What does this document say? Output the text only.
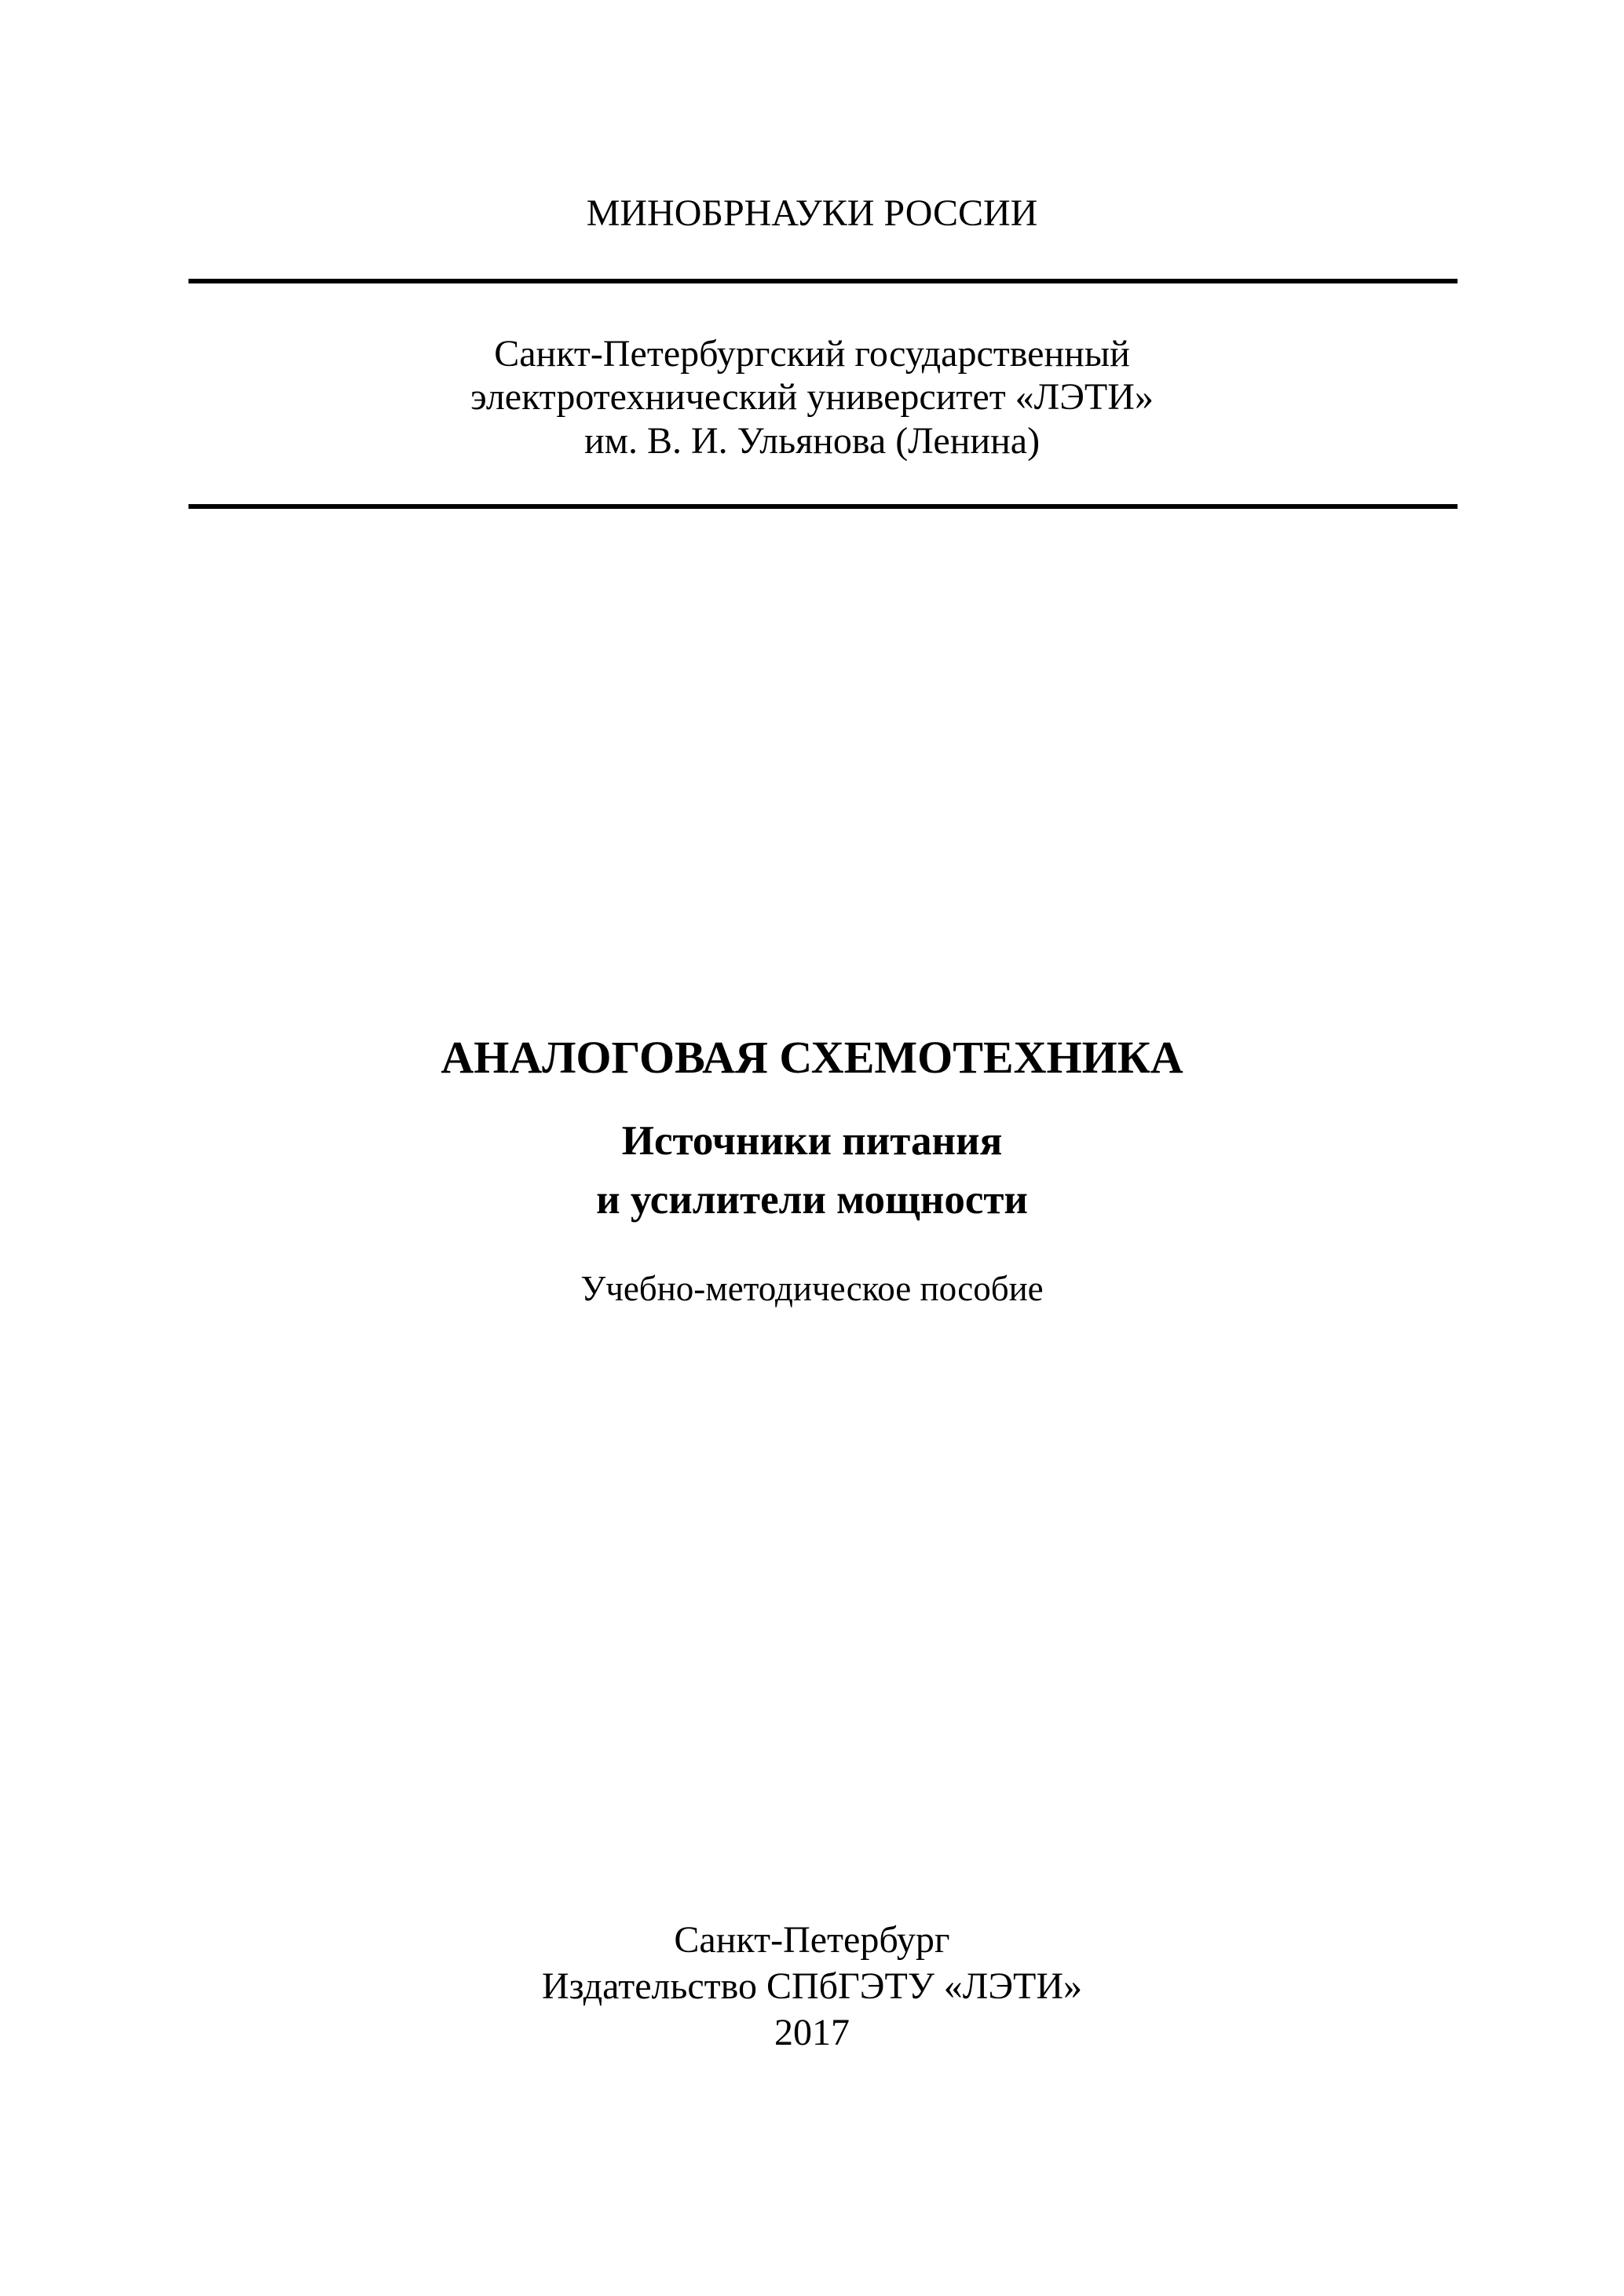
МИНОБРНАУКИ РОССИИ
Санкт-Петербургский государственный
электротехнический университет «ЛЭТИ»
им. В. И. Ульянова (Ленина)
АНАЛОГОВАЯ СХЕМОТЕХНИКА
Источники питания
и усилители мощности
Учебно-методическое пособие
Санкт-Петербург
Издательство СПбГЭТУ «ЛЭТИ»
2017
